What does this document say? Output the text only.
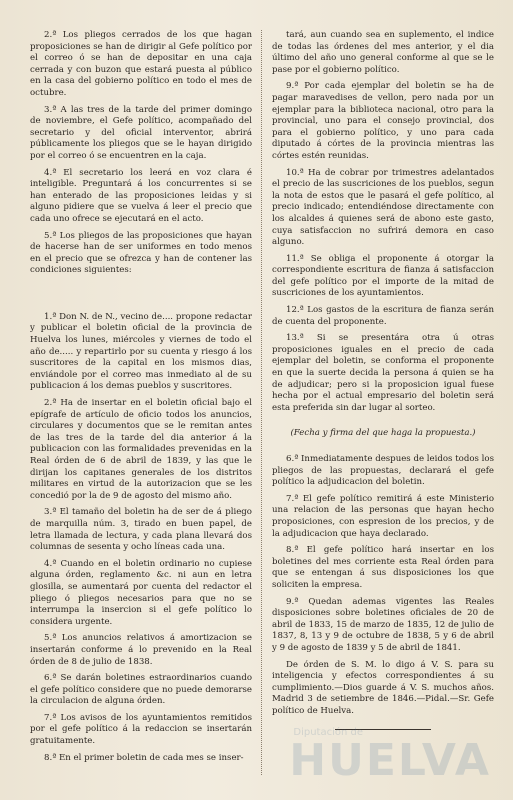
2.ª Los pliegos cerrados de los que hagan proposiciones se han de dirigir al Gefe político por el correo ó se han de depositar en una caja cerrada y con buzon que estará puesta al público en la casa del gobierno político en todo el mes de octubre.

3.ª A las tres de la tarde del primer domingo de noviembre, el Gefe político, acompañado del secretario y del oficial interventor, abrirá públicamente los pliegos que se le hayan dirigido por el correo ó se encuentren en la caja.

4.ª El secretario los leerá en voz clara é inteligible. Preguntará á los concurrentes si se han enterado de las proposiciones leidas y si alguno pidiere que se vuelva á leer el precio que cada uno ofrece se ejecutará en el acto.

5.ª Los pliegos de las proposiciones que hayan de hacerse han de ser uniformes en todo menos en el precio que se ofrezca y han de contener las condiciones siguientes:

1.ª Don N. de N., vecino de.... propone redactar y publicar el boletin oficial de la provincia de Huelva los lunes, miércoles y viernes de todo el año de..... y repartirlo por su cuenta y riesgo á los suscritores de la capital en los mismos dias, enviándole por el correo mas inmediato al de su publicacion á los demas pueblos y suscritores.

2.ª Ha de insertar en el boletin oficial bajo el epígrafe de artículo de oficio todos los anuncios, circulares y documentos que se le remitan antes de las tres de la tarde del dia anterior á la publicacion con las formalidades prevenidas en la Real órden de 6 de abril de 1839, y las que le dirijan los capitanes generales de los distritos militares en virtud de la autorizacion que se les concedió por la de 9 de agosto del mismo año.

3.ª El tamaño del boletin ha de ser de á pliego de marquilla núm. 3, tirado en buen papel, de letra llamada de lectura, y cada plana llevará dos columnas de sesenta y ocho líneas cada una.

4.ª Cuando en el boletin ordinario no cupiese alguna órden, reglamento &c. ni aun en letra glosilla, se aumentará por cuenta del redactor el pliego ó pliegos necesarios para que no se interrumpa la insercion si el gefe político lo considera urgente.

5.ª Los anuncios relativos á amortizacion se insertarán conforme á lo prevenido en la Real órden de 8 de julio de 1838.

6.ª Se darán boletines estraordinarios cuando el gefe político considere que no puede demorarse la circulacion de alguna órden.

7.ª Los avisos de los ayuntamientos remitidos por el gefe político á la redaccion se insertarán gratuitamente.

8.ª En el primer boletin de cada mes se inser-

tará, aun cuando sea en suplemento, el indice de todas las órdenes del mes anterior, y el dia último del año uno general conforme al que se le pase por el gobierno político.

9.ª Por cada ejemplar del boletin se ha de pagar maravedises de vellon, pero nada por un ejemplar para la biblioteca nacional, otro para la provincial, uno para el consejo provincial, dos para el gobierno político, y uno para cada diputado á córtes de la provincia mientras las córtes estén reunidas.

10.ª Ha de cobrar por trimestres adelantados el precio de las suscriciones de los pueblos, segun la nota de estos que le pasará el gefe político, al precio indicado; entendiéndose directamente con los alcaldes á quienes será de abono este gasto, cuya satisfaccion no sufrirá demora en caso alguno.

11.ª Se obliga el proponente á otorgar la correspondiente escritura de fianza á satisfaccion del gefe político por el importe de la mitad de suscriciones de los ayuntamientos.

12.ª Los gastos de la escritura de fianza serán de cuenta del proponente.

13.ª Si se presentára otra ú otras proposiciones iguales en el precio de cada ejemplar del boletin, se conforma el proponente en que la suerte decida la persona á quien se ha de adjudicar; pero si la proposicion igual fuese hecha por el actual empresario del boletin será esta preferida sin dar lugar al sorteo.

(Fecha y firma del que haga la propuesta.)

6.ª Inmediatamente despues de leidos todos los pliegos de las propuestas, declarará el gefe político la adjudicacion del boletin.

7.ª El gefe político remitirá á este Ministerio una relacion de las personas que hayan hecho proposiciones, con espresion de los precios, y de la adjudicacion que haya declarado.

8.ª El gefe político hará insertar en los boletines del mes corriente esta Real órden para que se entengan á sus disposiciones los que soliciten la empresa.

9.ª Quedan ademas vigentes las Reales disposiciones sobre boletines oficiales de 20 de abril de 1833, 15 de marzo de 1835, 12 de julio de 1837, 8, 13 y 9 de octubre de 1838, 5 y 6 de abril y 9 de agosto de 1839 y 5 de abril de 1841.

De órden de S. M. lo digo á V. S. para su inteligencia y efectos correspondientes á su cumplimiento.—Dios guarde á V. S. muchos años. Madrid 3 de setiembre de 1846.—Pidal.—Sr. Gefe político de Huelva.

Diputación de
HUELVA
